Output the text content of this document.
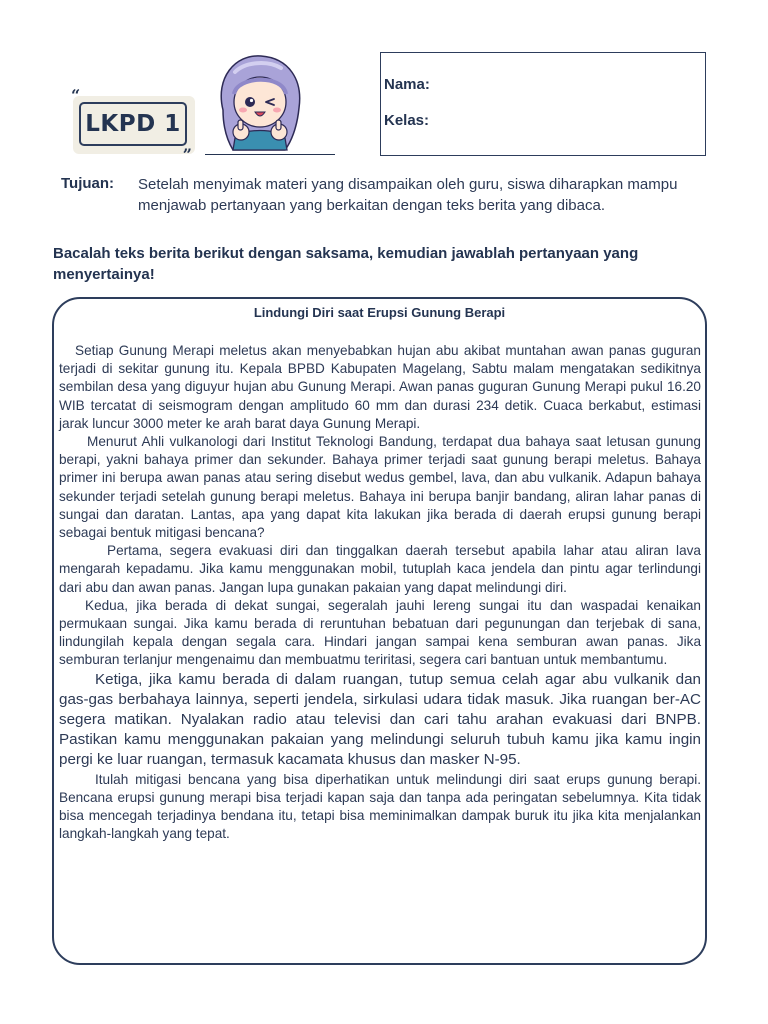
LKPD 1
“
„
Nama:
Kelas:
Tujuan: Setelah menyimak materi yang disampaikan oleh guru, siswa diharapkan mampu menjawab pertanyaan yang berkaitan dengan teks berita yang dibaca.
Bacalah teks berita berikut dengan saksama, kemudian jawablah pertanyaan yang menyertainya!
Lindungi Diri saat Erupsi Gunung Berapi

Setiap Gunung Merapi meletus akan menyebabkan hujan abu akibat muntahan awan panas guguran terjadi di sekitar gunung itu. Kepala BPBD Kabupaten Magelang, Sabtu malam mengatakan sedikitnya sembilan desa yang diguyur hujan abu Gunung Merapi. Awan panas guguran Gunung Merapi pukul 16.20 WIB tercatat di seismogram dengan amplitudo 60 mm dan durasi 234 detik. Cuaca berkabut, estimasi jarak luncur 3000 meter ke arah barat daya Gunung Merapi.

Menurut Ahli vulkanologi dari Institut Teknologi Bandung, terdapat dua bahaya saat letusan gunung berapi, yakni bahaya primer dan sekunder. Bahaya primer terjadi saat gunung berapi meletus. Bahaya primer ini berupa awan panas atau sering disebut wedus gembel, lava, dan abu vulkanik. Adapun bahaya sekunder terjadi setelah gunung berapi meletus. Bahaya ini berupa banjir bandang, aliran lahar panas di sungai dan daratan. Lantas, apa yang dapat kita lakukan jika berada di daerah erupsi gunung berapi sebagai bentuk mitigasi bencana?

Pertama, segera evakuasi diri dan tinggalkan daerah tersebut apabila lahar atau aliran lava mengarah kepadamu. Jika kamu menggunakan mobil, tutuplah kaca jendela dan pintu agar terlindungi dari abu dan awan panas. Jangan lupa gunakan pakaian yang dapat melindungi diri.

Kedua, jika berada di dekat sungai, segeralah jauhi lereng sungai itu dan waspadai kenaikan permukaan sungai. Jika kamu berada di reruntuhan bebatuan dari pegunungan dan terjebak di sana, lindungilah kepala dengan segala cara. Hindari jangan sampai kena semburan awan panas. Jika semburan terlanjur mengenaimu dan membuatmu teriritasi, segera cari bantuan untuk membantumu.

Ketiga, jika kamu berada di dalam ruangan, tutup semua celah agar abu vulkanik dan gas-gas berbahaya lainnya, seperti jendela, sirkulasi udara tidak masuk. Jika ruangan ber-AC segera matikan. Nyalakan radio atau televisi dan cari tahu arahan evakuasi dari BNPB. Pastikan kamu menggunakan pakaian yang melindungi seluruh tubuh kamu jika kamu ingin pergi ke luar ruangan, termasuk kacamata khusus dan masker N-95.

Itulah mitigasi bencana yang bisa diperhatikan untuk melindungi diri saat erups gunung berapi. Bencana erupsi gunung merapi bisa terjadi kapan saja dan tanpa ada peringatan sebelumnya. Kita tidak bisa mencegah terjadinya bendana itu, tetapi bisa meminimalkan dampak buruk itu jika kita menjalankan langkah-langkah yang tepat.
